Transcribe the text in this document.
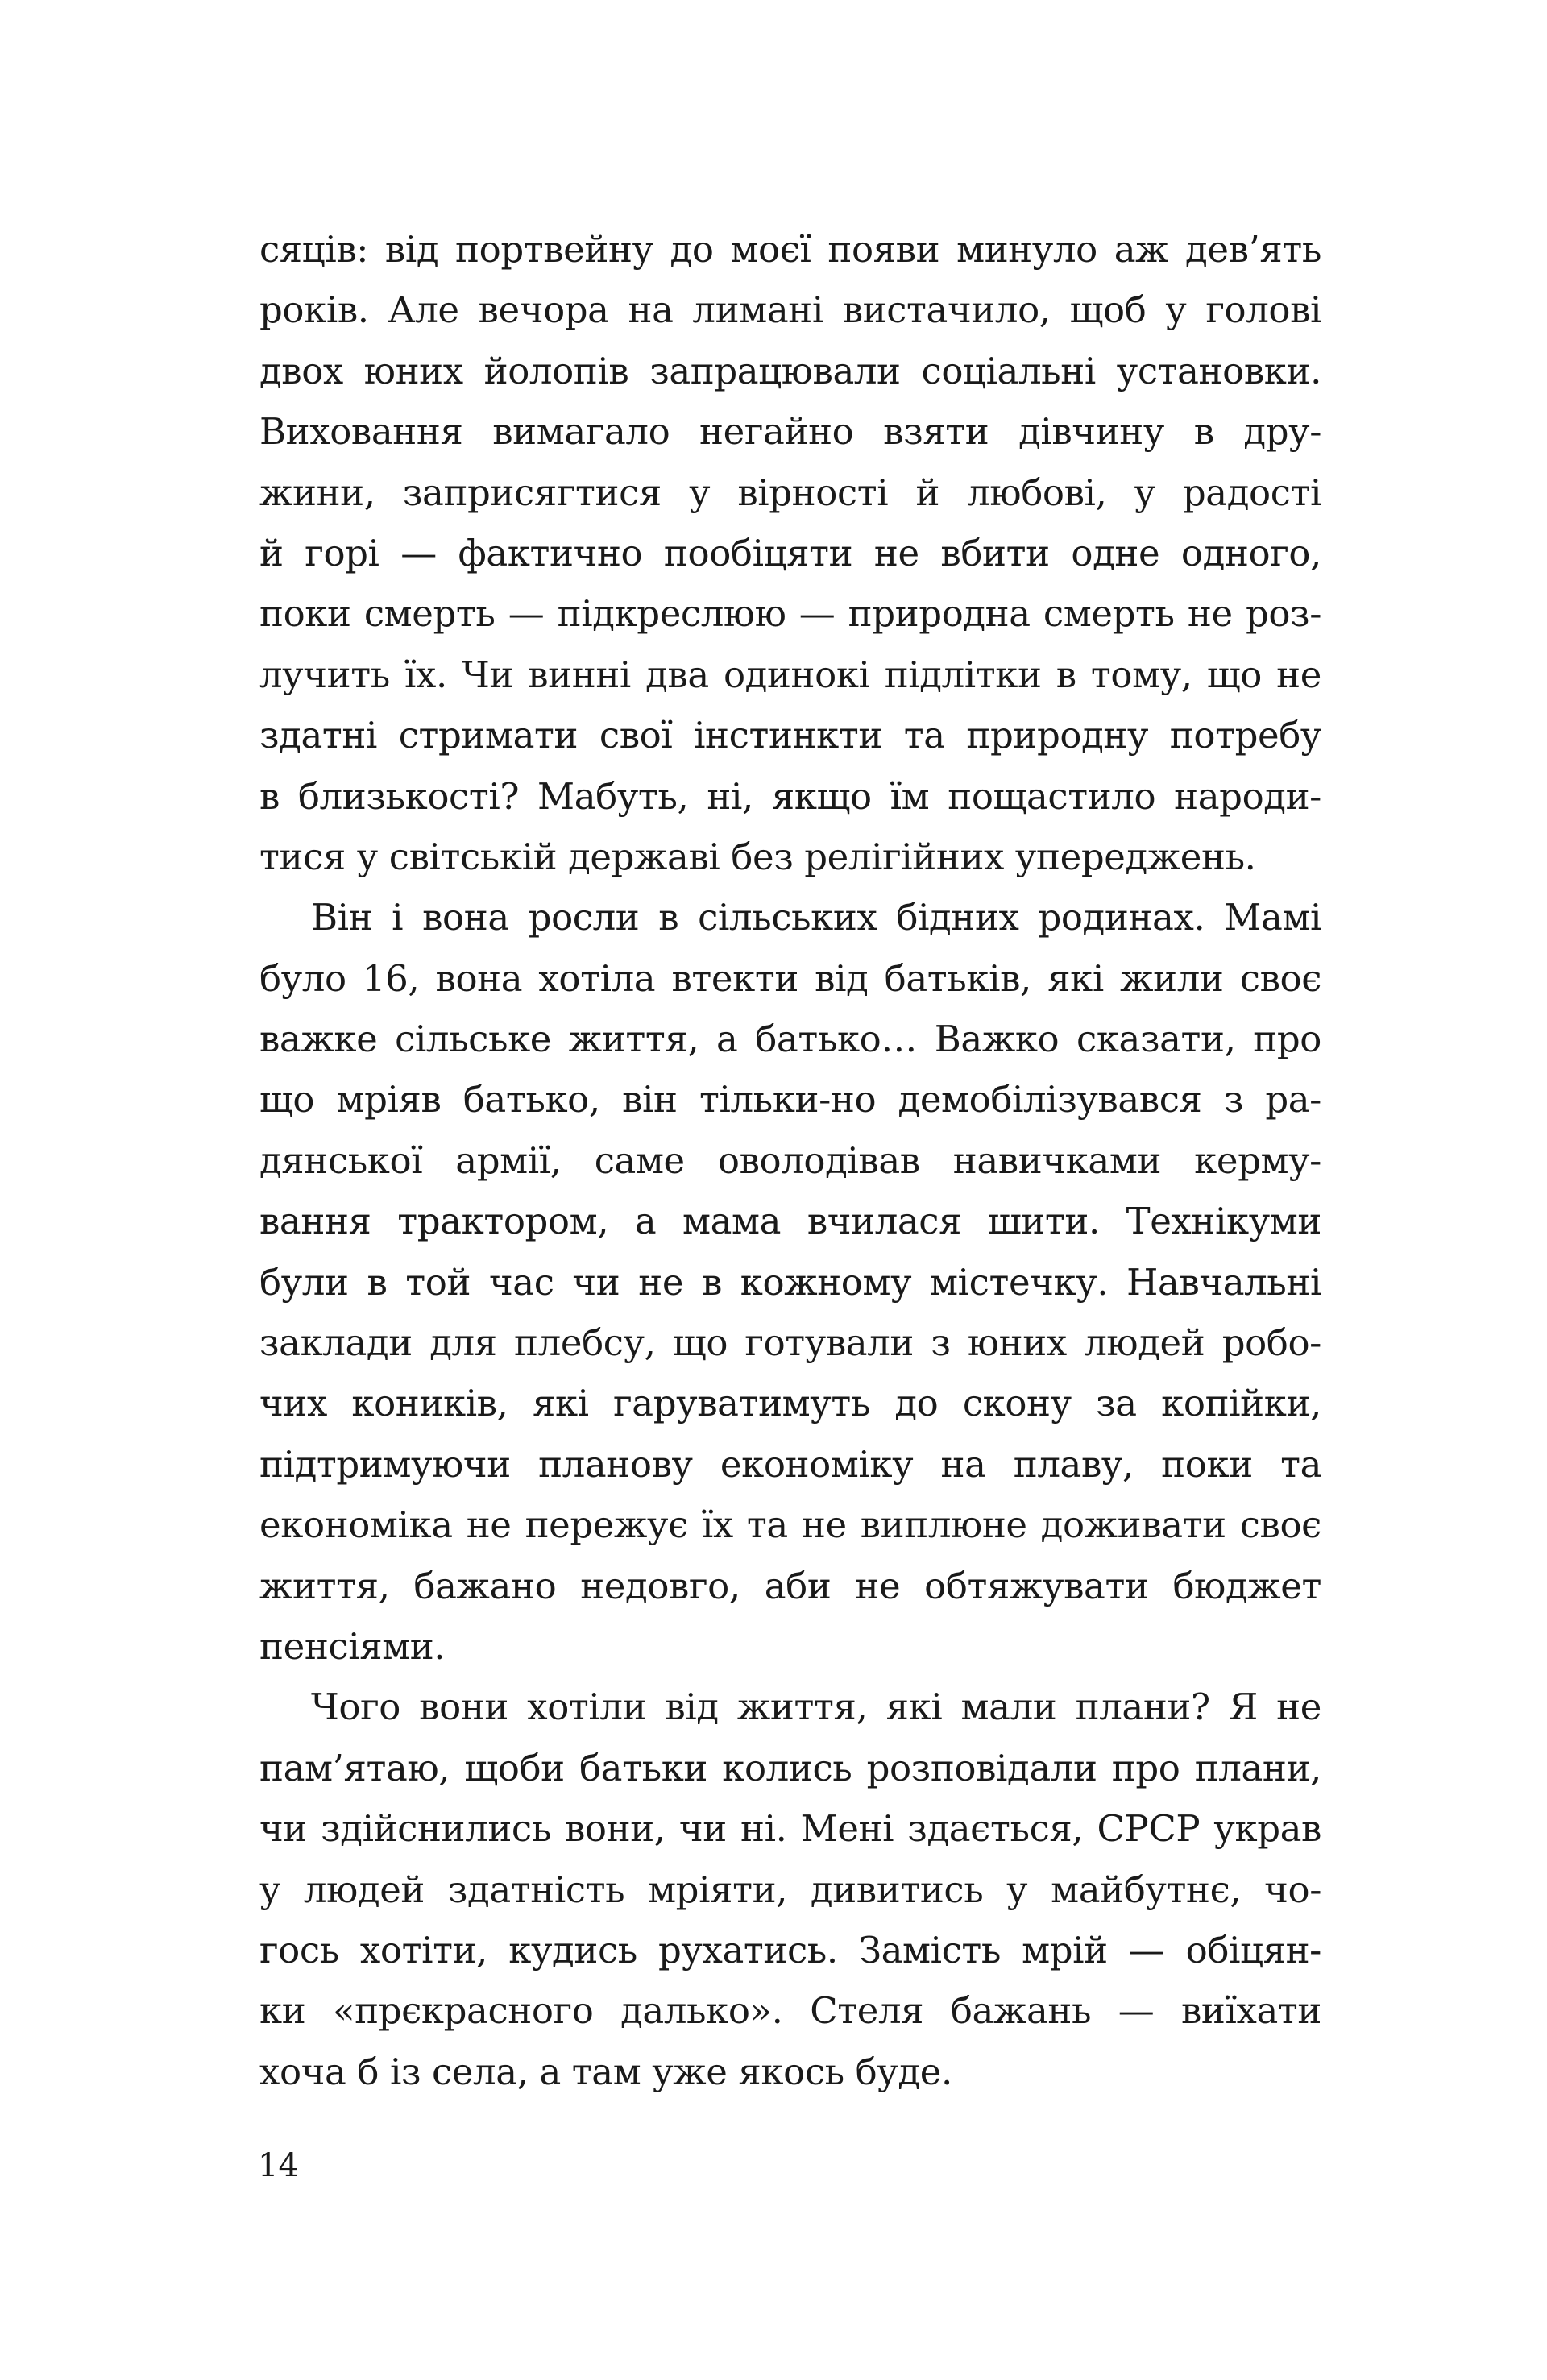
сяців: від портвейну до моєї появи минуло аж дев’ять
років. Але вечора на лимані вистачило, щоб у голові
двох юних йолопів запрацювали соціальні установки.
Виховання вимагало негайно взяти дівчину в дру-
жини, заприсягтися у вірності й любові, у радості
й горі — фактично пообіцяти не вбити одне одного,
поки смерть — підкреслюю — природна смерть не роз-
лучить їх. Чи винні два одинокі підлітки в тому, що не
здатні стримати свої інстинкти та природну потребу
в близькості? Мабуть, ні, якщо їм пощастило народи-
тися у світській державі без релігійних упереджень.
Він і вона росли в сільських бідних родинах. Мамі
було 16, вона хотіла втекти від батьків, які жили своє
важке сільське життя, а батько… Важко сказати, про
що мріяв батько, він тільки-но демобілізувався з ра-
дянської армії, саме оволодівав навичками керму-
вання трактором, а мама вчилася шити. Технікуми
були в той час чи не в кожному містечку. Навчальні
заклади для плебсу, що готували з юних людей робо-
чих коників, які гаруватимуть до скону за копійки,
підтримуючи планову економіку на плаву, поки та
економіка не пережує їх та не виплюне доживати своє
життя, бажано недовго, аби не обтяжувати бюджет
пенсіями.
Чого вони хотіли від життя, які мали плани? Я не
пам’ятаю, щоби батьки колись розповідали про плани,
чи здійснились вони, чи ні. Мені здається, СРСР украв
у людей здатність мріяти, дивитись у майбутнє, чо-
гось хотіти, кудись рухатись. Замість мрій — обіцян-
ки «прєкрасного далько». Стеля бажань — виїхати
хоча б із села, а там уже якось буде.
14
